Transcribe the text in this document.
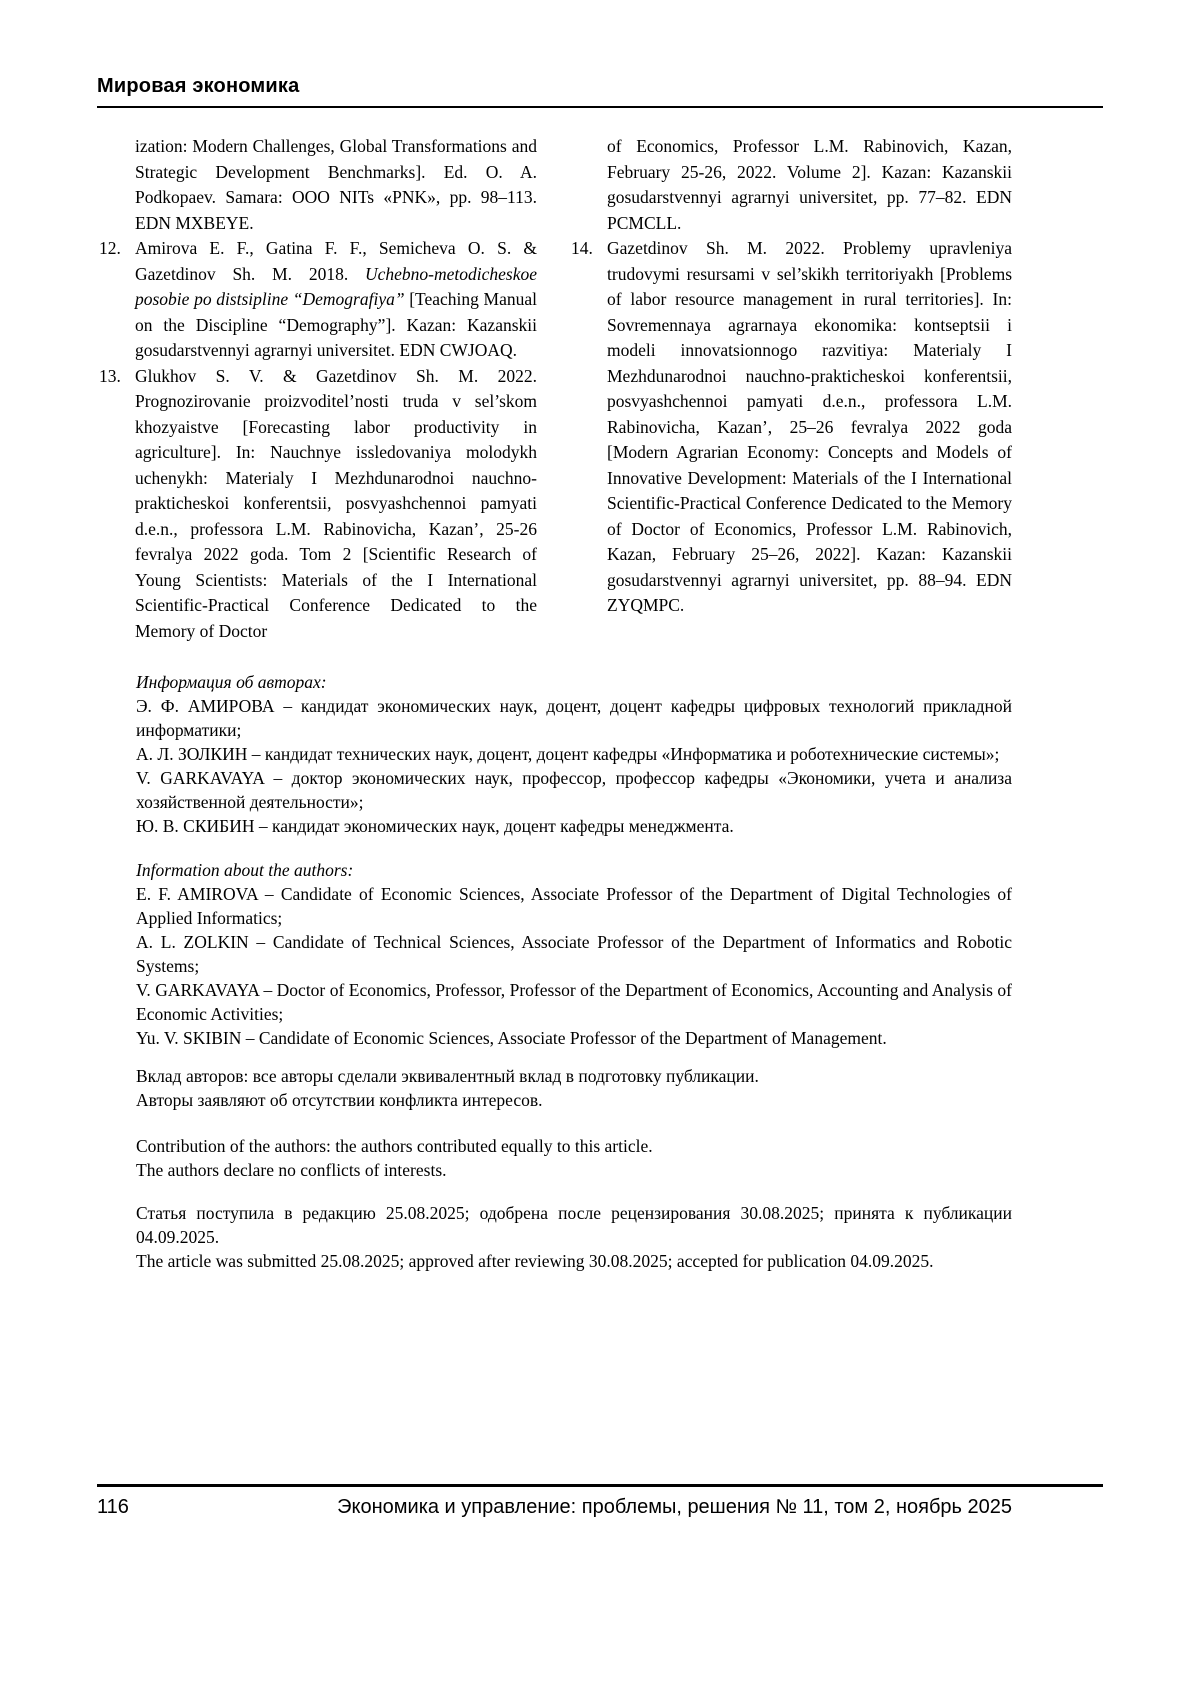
Мировая экономика
ization: Modern Challenges, Global Transformations and Strategic Development Benchmarks]. Ed. O. A. Podkopaev. Samara: OOO NITs «PNK», pp. 98–113. EDN MXBEYE.
12. Amirova E. F., Gatina F. F., Semicheva O. S. & Gazetdinov Sh. M. 2018. Uchebno-metodicheskoe posobie po distsipline “Demografiya” [Teaching Manual on the Discipline “Demography”]. Kazan: Kazanskii gosudarstvennyi agrarnyi universitet. EDN CWJOAQ.
13. Glukhov S. V. & Gazetdinov Sh. M. 2022. Prognozirovanie proizvoditel’nosti truda v sel’skom khozyaistve [Forecasting labor productivity in agriculture]. In: Nauchnye issledovaniya molodykh uchenykh: Materialy I Mezhdunarodnoi nauchno-prakticheskoi konferentsii, posvyashchennoi pamyati d.e.n., professora L.M. Rabinovicha, Kazan’, 25-26 fevralya 2022 goda. Tom 2 [Scientific Research of Young Scientists: Materials of the I International Scientific-Practical Conference Dedicated to the Memory of Doctor
of Economics, Professor L.M. Rabinovich, Kazan, February 25-26, 2022. Volume 2]. Kazan: Kazanskii gosudarstvennyi agrarnyi universitet, pp. 77–82. EDN PCMCLL.
14. Gazetdinov Sh. M. 2022. Problemy upravleniya trudovymi resursami v sel’skikh territoriyakh [Problems of labor resource management in rural territories]. In: Sovremennaya agrarnaya ekonomika: kontseptsii i modeli innovatsionnogo razvitiya: Materialy I Mezhdunarodnoi nauchno-prakticheskoi konferentsii, posvyashchennoi pamyati d.e.n., professora L.M. Rabinovicha, Kazan’, 25–26 fevralya 2022 goda [Modern Agrarian Economy: Concepts and Models of Innovative Development: Materials of the I International Scientific-Practical Conference Dedicated to the Memory of Doctor of Economics, Professor L.M. Rabinovich, Kazan, February 25–26, 2022]. Kazan: Kazanskii gosudarstvennyi agrarnyi universitet, pp. 88–94. EDN ZYQMPC.

Информация об авторах:

Э. Ф. АМИРОВА – кандидат экономических наук, доцент, доцент кафедры цифровых технологий прикладной информатики;

А. Л. ЗОЛКИН – кандидат технических наук, доцент, доцент кафедры «Информатика и роботехнические системы»;

V. GARKAVAYA – доктор экономических наук, профессор, профессор кафедры «Экономики, учета и анализа хозяйственной деятельности»;

Ю. В. СКИБИН – кандидат экономических наук, доцент кафедры менеджмента.

Information about the authors:

E. F. AMIROVA – Candidate of Economic Sciences, Associate Professor of the Department of Digital Technologies of Applied Informatics;

A. L. ZOLKIN – Candidate of Technical Sciences, Associate Professor of the Department of Informatics and Robotic Systems;

V. GARKAVAYA – Doctor of Economics, Professor, Professor of the Department of Economics, Accounting and Analysis of Economic Activities;

Yu. V. SKIBIN – Candidate of Economic Sciences, Associate Professor of the Department of Management.

Вклад авторов: все авторы сделали эквивалентный вклад в подготовку публикации.

Авторы заявляют об отсутствии конфликта интересов.

Contribution of the authors: the authors contributed equally to this article.

The authors declare no conflicts of interests.

Статья поступила в редакцию 25.08.2025; одобрена после рецензирования 30.08.2025; принята к публикации 04.09.2025.

The article was submitted 25.08.2025; approved after reviewing 30.08.2025; accepted for publication 04.09.2025.

116	Экономика и управление: проблемы, решения № 11, том 2, ноябрь 2025
